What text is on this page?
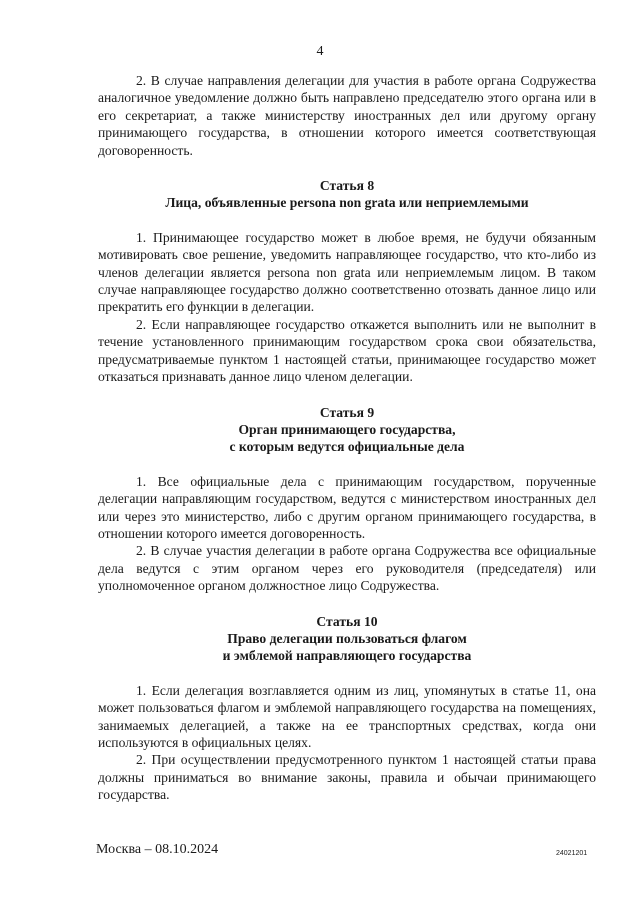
4

2. В случае направления делегации для участия в работе органа Содружества аналогичное уведомление должно быть направлено председателю этого органа или в его секретариат, а также министерству иностранных дел или другому органу принимающего государства, в отношении которого имеется соответствующая договоренность.

Статья 8
Лица, объявленные persona non grata или неприемлемыми

1. Принимающее государство может в любое время, не будучи обязанным мотивировать свое решение, уведомить направляющее государство, что кто-либо из членов делегации является persona non grata или неприемлемым лицом. В таком случае направляющее государство должно соответственно отозвать данное лицо или прекратить его функции в делегации.

2. Если направляющее государство откажется выполнить или не выполнит в течение установленного принимающим государством срока свои обязательства, предусматриваемые пунктом 1 настоящей статьи, принимающее государство может отказаться признавать данное лицо членом делегации.

Статья 9
Орган принимающего государства,
с которым ведутся официальные дела

1. Все официальные дела с принимающим государством, порученные делегации направляющим государством, ведутся с министерством иностранных дел или через это министерство, либо с другим органом принимающего государства, в отношении которого имеется договоренность.

2. В случае участия делегации в работе органа Содружества все официальные дела ведутся с этим органом через его руководителя (председателя) или уполномоченное органом должностное лицо Содружества.

Статья 10
Право делегации пользоваться флагом
и эмблемой направляющего государства

1. Если делегация возглавляется одним из лиц, упомянутых в статье 11, она может пользоваться флагом и эмблемой направляющего государства на помещениях, занимаемых делегацией, а также на ее транспортных средствах, когда они используются в официальных целях.

2. При осуществлении предусмотренного пунктом 1 настоящей статьи права должны приниматься во внимание законы, правила и обычаи принимающего государства.

Москва – 08.10.2024	24021201
